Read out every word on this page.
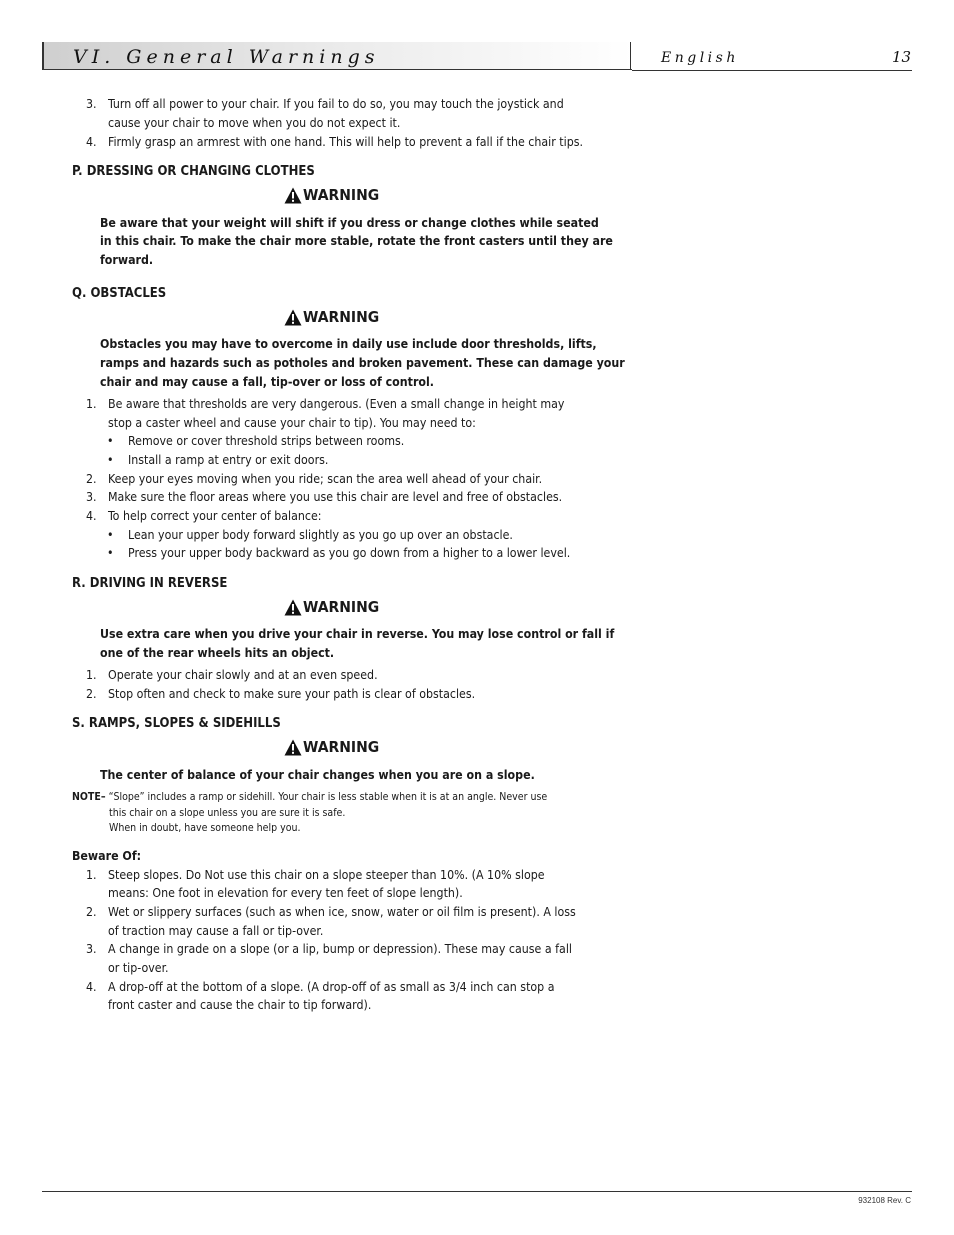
VI. General Warnings	English	13
3. Turn off all power to your chair. If you fail to do so, you may touch the joystick and
cause your chair to move when you do not expect it.
4. Firmly grasp an armrest with one hand. This will help to prevent a fall if the chair tips.
P. DRESSING OR CHANGING CLOTHES
WARNING
Be aware that your weight will shift if you dress or change clothes while seated
in this chair. To make the chair more stable, rotate the front casters until they are
forward.
Q. OBSTACLES
WARNING
Obstacles you may have to overcome in daily use include door thresholds, lifts,
ramps and hazards such as potholes and broken pavement. These can damage your
chair and may cause a fall, tip-over or loss of control.
1. Be aware that thresholds are very dangerous. (Even a small change in height may
stop a caster wheel and cause your chair to tip). You may need to:
• Remove or cover threshold strips between rooms.
• Install a ramp at entry or exit doors.
2. Keep your eyes moving when you ride; scan the area well ahead of your chair.
3. Make sure the floor areas where you use this chair are level and free of obstacles.
4. To help correct your center of balance:
• Lean your upper body forward slightly as you go up over an obstacle.
• Press your upper body backward as you go down from a higher to a lower level.
R. DRIVING IN REVERSE
WARNING
Use extra care when you drive your chair in reverse. You may lose control or fall if
one of the rear wheels hits an object.
1. Operate your chair slowly and at an even speed.
2. Stop often and check to make sure your path is clear of obstacles.
S. RAMPS, SLOPES & SIDEHILLS
WARNING
The center of balance of your chair changes when you are on a slope.
NOTE– “Slope” includes a ramp or sidehill. Your chair is less stable when it is at an angle. Never use
this chair on a slope unless you are sure it is safe.
When in doubt, have someone help you.
Beware Of:
1. Steep slopes. Do Not use this chair on a slope steeper than 10%. (A 10% slope
means: One foot in elevation for every ten feet of slope length).
2. Wet or slippery surfaces (such as when ice, snow, water or oil film is present). A loss
of traction may cause a fall or tip-over.
3. A change in grade on a slope (or a lip, bump or depression). These may cause a fall
or tip-over.
4. A drop-off at the bottom of a slope. (A drop-off of as small as 3/4 inch can stop a
front caster and cause the chair to tip forward).
932108 Rev. C
